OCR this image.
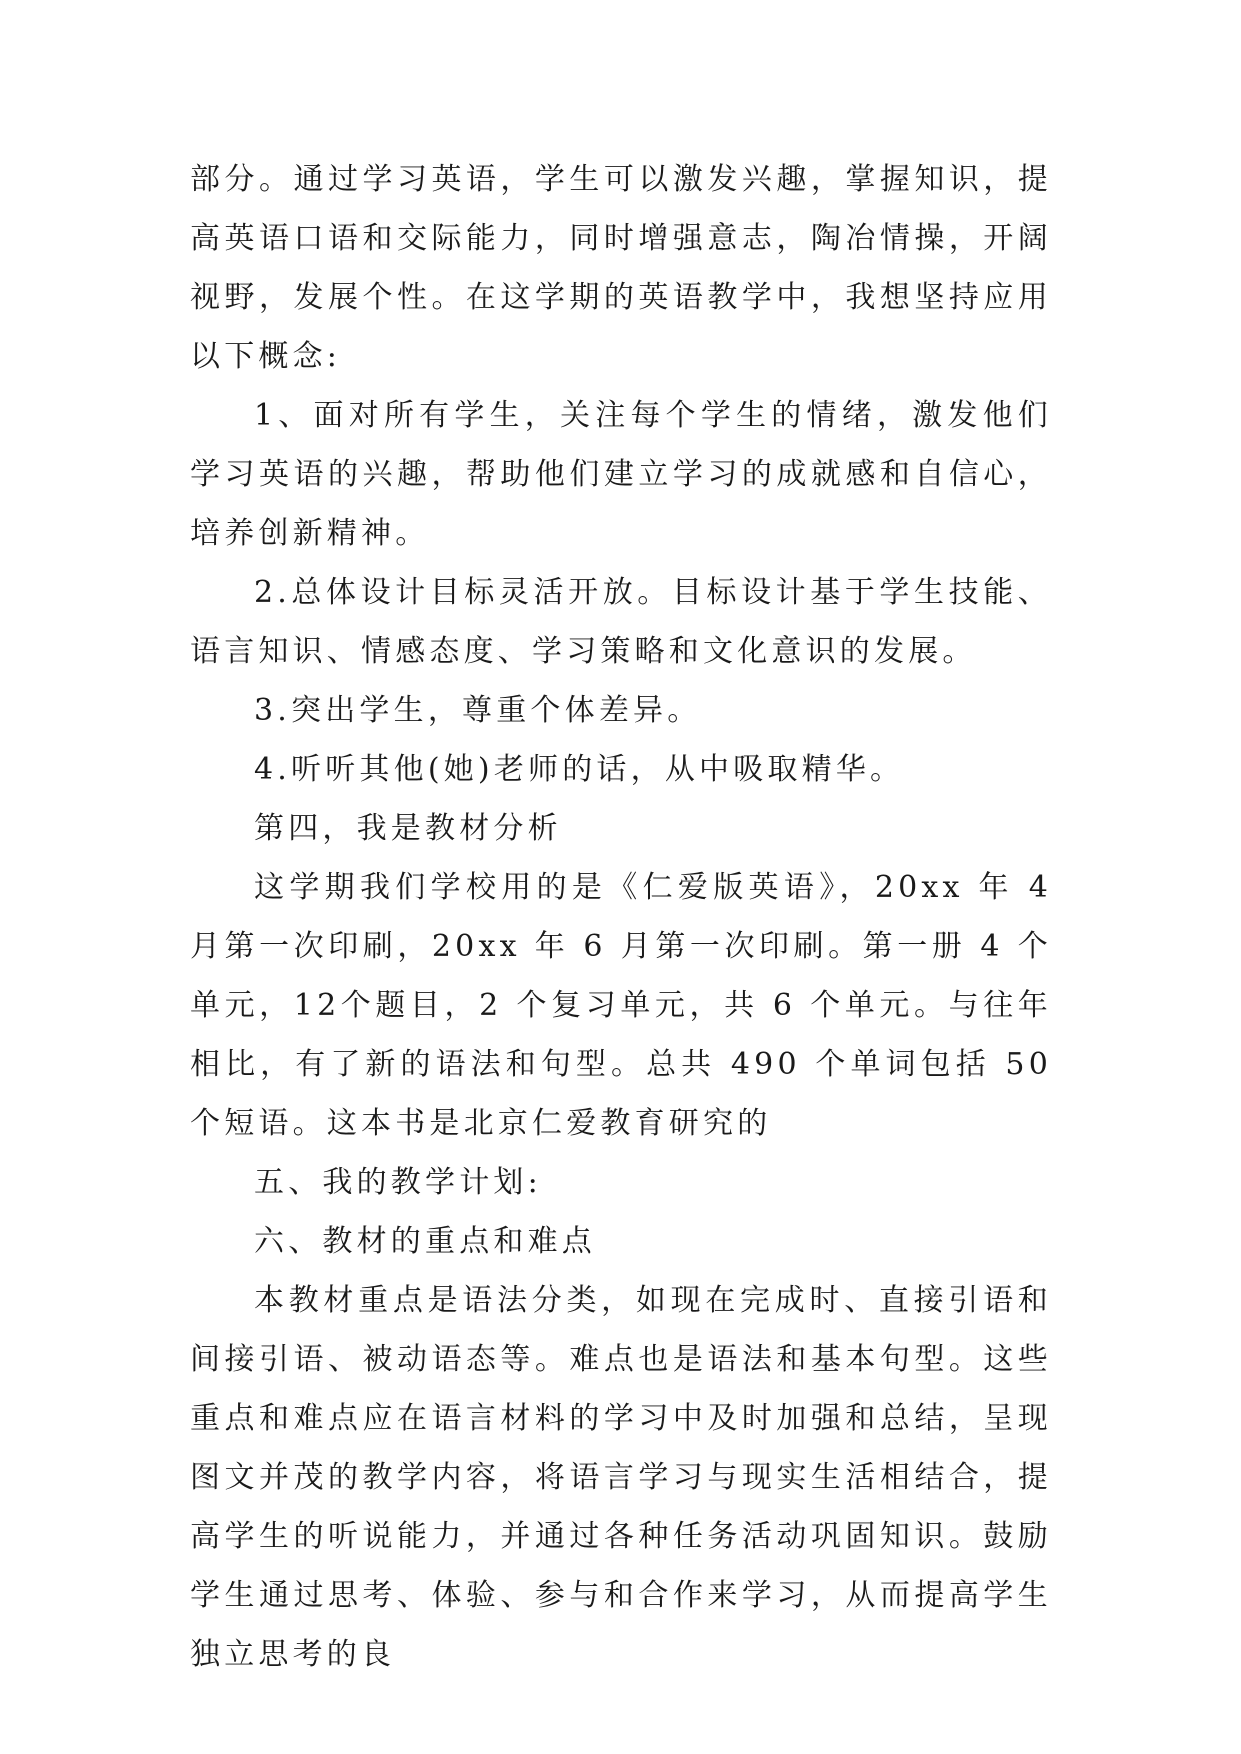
部分。通过学习英语，学生可以激发兴趣，掌握知识，提高英语口语和交际能力，同时增强意志，陶冶情操，开阔视野，发展个性。在这学期的英语教学中，我想坚持应用以下概念:

1、面对所有学生，关注每个学生的情绪，激发他们学习英语的兴趣，帮助他们建立学习的成就感和自信心，培养创新精神。

2.总体设计目标灵活开放。目标设计基于学生技能、语言知识、情感态度、学习策略和文化意识的发展。

3.突出学生，尊重个体差异。

4.听听其他(她)老师的话，从中吸取精华。

第四，我是教材分析

这学期我们学校用的是《仁爱版英语》，20xx 年 4 月第一次印刷，20xx 年 6 月第一次印刷。第一册 4 个单元，12个题目，2 个复习单元，共 6 个单元。与往年相比，有了新的语法和句型。总共 490 个单词包括 50 个短语。这本书是北京仁爱教育研究的

五、我的教学计划:

六、教材的重点和难点

本教材重点是语法分类，如现在完成时、直接引语和间接引语、被动语态等。难点也是语法和基本句型。这些重点和难点应在语言材料的学习中及时加强和总结，呈现图文并茂的教学内容，将语言学习与现实生活相结合，提高学生的听说能力，并通过各种任务活动巩固知识。鼓励学生通过思考、体验、参与和合作来学习，从而提高学生独立思考的良
